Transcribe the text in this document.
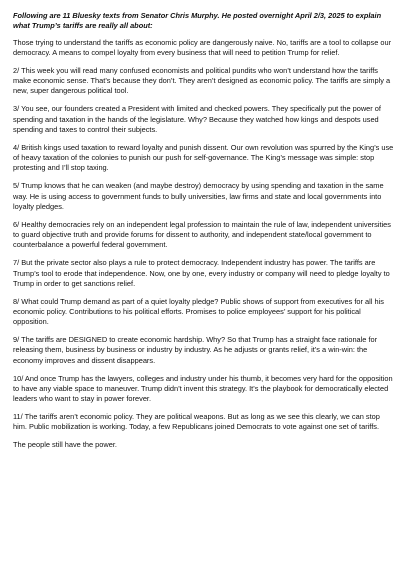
Following are 11 Bluesky texts from Senator Chris Murphy. He posted overnight April 2/3, 2025 to explain what Trump’s tariffs are really all about:

Those trying to understand the tariffs as economic policy are dangerously naive. No, tariffs are a tool to collapse our democracy. A means to compel loyalty from every business that will need to petition Trump for relief.

2/ This week you will read many confused economists and political pundits who won’t understand how the tariffs make economic sense. That’s because they don’t. They aren’t designed as economic policy. The tariffs are simply a new, super dangerous political tool.

3/ You see, our founders created a President with limited and checked powers. They specifically put the power of spending and taxation in the hands of the legislature. Why? Because they watched how kings and despots used spending and taxes to control their subjects.

4/ British kings used taxation to reward loyalty and punish dissent. Our own revolution was spurred by the King’s use of heavy taxation of the colonies to punish our push for self-governance. The King’s message was simple: stop protesting and I’ll stop taxing.

5/ Trump knows that he can weaken (and maybe destroy) democracy by using spending and taxation in the same way. He is using access to government funds to bully universities, law firms and state and local governments into loyalty pledges.

6/ Healthy democracies rely on an independent legal profession to maintain the rule of law, independent universities to guard objective truth and provide forums for dissent to authority, and independent state/local government to counterbalance a powerful federal government.

7/ But the private sector also plays a rule to protect democracy. Independent industry has power. The tariffs are Trump’s tool to erode that independence. Now, one by one, every industry or company will need to pledge loyalty to Trump in order to get sanctions relief.

8/ What could Trump demand as part of a quiet loyalty pledge? Public shows of support from executives for all his economic policy. Contributions to his political efforts. Promises to police employees’ support for his political opposition.

9/ The tariffs are DESIGNED to create economic hardship. Why? So that Trump has a straight face rationale for releasing them, business by business or industry by industry. As he adjusts or grants relief, it’s a win-win: the economy improves and dissent disappears.

10/ And once Trump has the lawyers, colleges and industry under his thumb, it becomes very hard for the opposition to have any viable space to maneuver. Trump didn’t invent this strategy. It’s the playbook for democratically elected leaders who want to stay in power forever.

11/ The tariffs aren’t economic policy. They are political weapons. But as long as we see this clearly, we can stop him. Public mobilization is working. Today, a few Republicans joined Democrats to vote against one set of tariffs.

The people still have the power.
